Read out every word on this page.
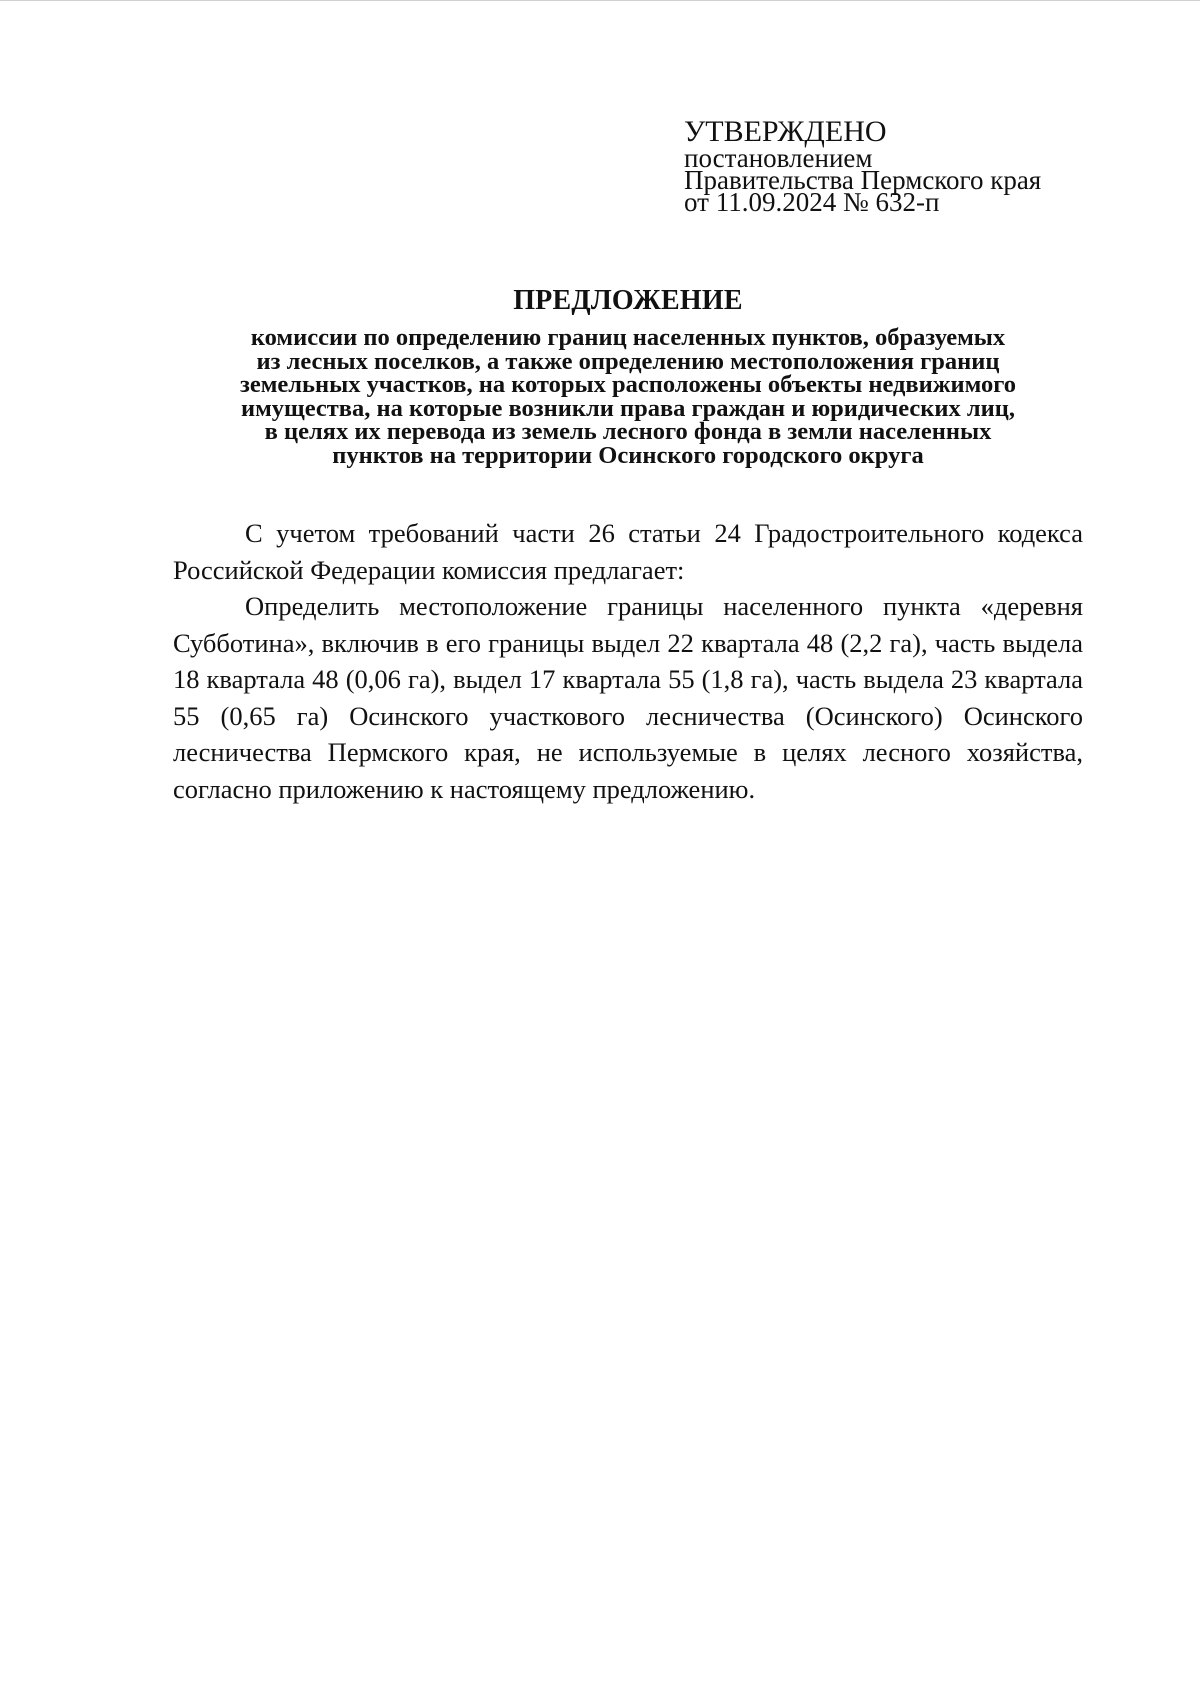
УТВЕРЖДЕНО
постановлением
Правительства Пермского края
от 11.09.2024 № 632-п
ПРЕДЛОЖЕНИЕ
комиссии по определению границ населенных пунктов, образуемых
из лесных поселков, а также определению местоположения границ
земельных участков, на которых расположены объекты недвижимого
имущества, на которые возникли права граждан и юридических лиц,
в целях их перевода из земель лесного фонда в земли населенных
пунктов на территории Осинского городского округа

С учетом требований части 26 статьи 24 Градостроительного кодекса Российской Федерации комиссия предлагает:

Определить местоположение границы населенного пункта «деревня Субботина», включив в его границы выдел 22 квартала 48 (2,2 га), часть выдела 18 квартала 48 (0,06 га), выдел 17 квартала 55 (1,8 га), часть выдела 23 квартала 55 (0,65 га) Осинского участкового лесничества (Осинского) Осинского лесничества Пермского края, не используемые в целях лесного хозяйства, согласно приложению к настоящему предложению.
